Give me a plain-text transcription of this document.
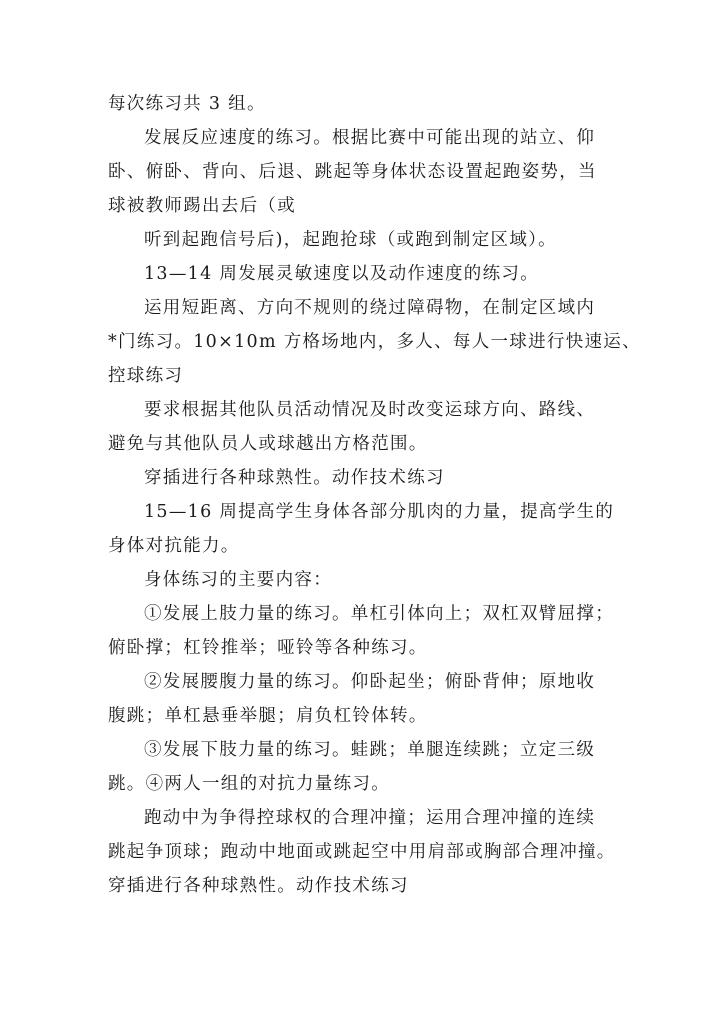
每次练习共 3 组。

发展反应速度的练习。根据比赛中可能出现的站立、仰
卧、俯卧、背向、后退、跳起等身体状态设置起跑姿势，当
球被教师踢出去后（或

听到起跑信号后)，起跑抢球（或跑到制定区域）。

13—14 周发展灵敏速度以及动作速度的练习。

运用短距离、方向不规则的绕过障碍物，在制定区域内
*门练习。10×10m 方格场地内，多人、每人一球进行快速运、
控球练习

要求根据其他队员活动情况及时改变运球方向、路线、
避免与其他队员人或球越出方格范围。

穿插进行各种球熟性。动作技术练习

15—16 周提高学生身体各部分肌肉的力量，提高学生的
身体对抗能力。

身体练习的主要内容：

①发展上肢力量的练习。单杠引体向上；双杠双臂屈撑；
俯卧撑；杠铃推举；哑铃等各种练习。

②发展腰腹力量的练习。仰卧起坐；俯卧背伸；原地收
腹跳；单杠悬垂举腿；肩负杠铃体转。

③发展下肢力量的练习。蛙跳；单腿连续跳；立定三级
跳。④两人一组的对抗力量练习。

跑动中为争得控球权的合理冲撞；运用合理冲撞的连续
跳起争顶球；跑动中地面或跳起空中用肩部或胸部合理冲撞。
穿插进行各种球熟性。动作技术练习
